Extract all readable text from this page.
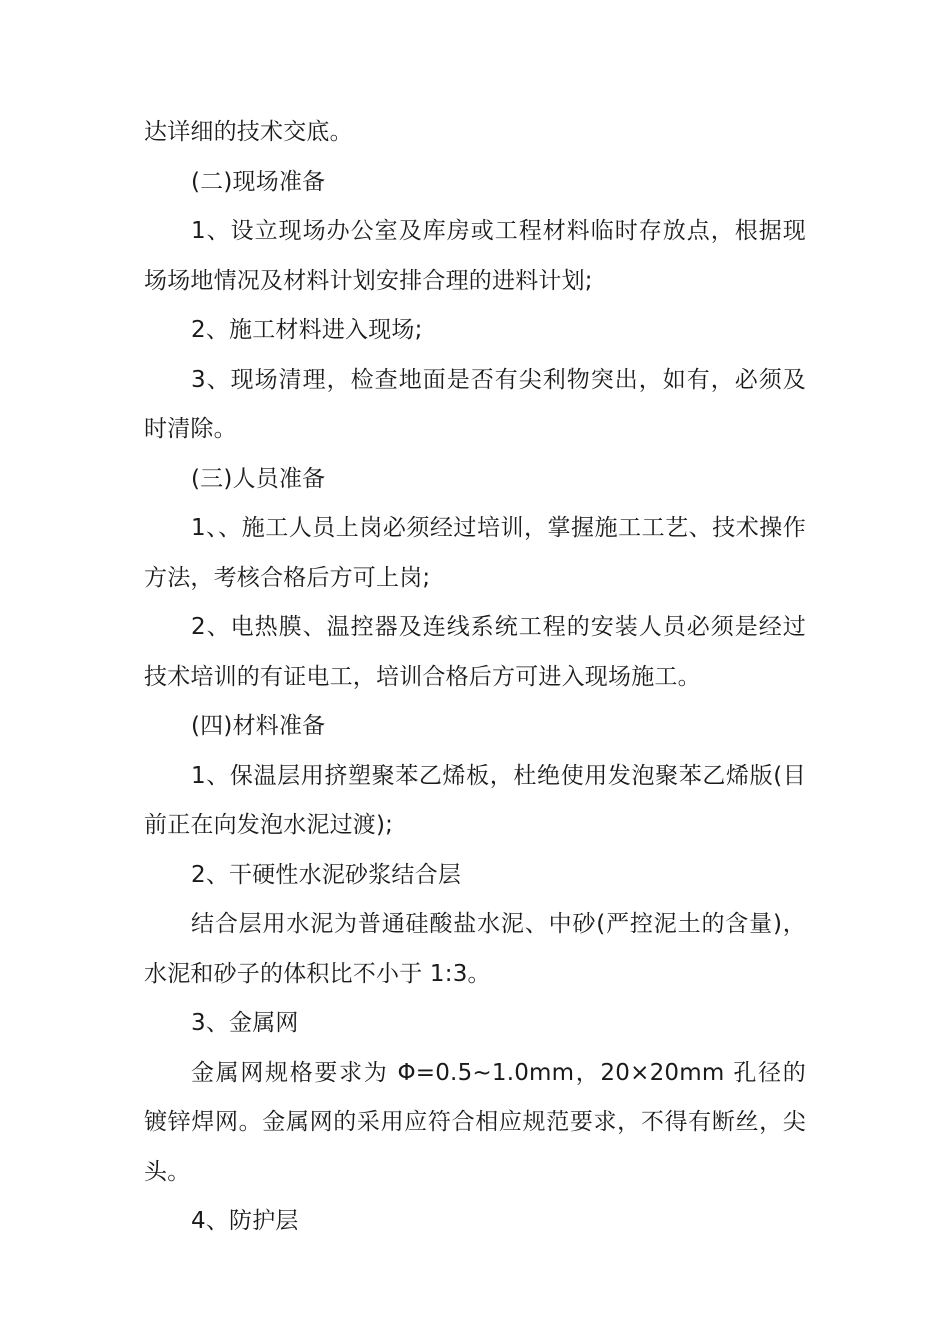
达详细的技术交底。

(二)现场准备

1、设立现场办公室及库房或工程材料临时存放点，根据现场场地情况及材料计划安排合理的进料计划;

2、施工材料进入现场;

3、现场清理，检查地面是否有尖利物突出，如有，必须及时清除。

(三)人员准备

1、、施工人员上岗必须经过培训，掌握施工工艺、技术操作方法，考核合格后方可上岗;

2、电热膜、温控器及连线系统工程的安装人员必须是经过技术培训的有证电工，培训合格后方可进入现场施工。

(四)材料准备

1、保温层用挤塑聚苯乙烯板，杜绝使用发泡聚苯乙烯版(目前正在向发泡水泥过渡);

2、干硬性水泥砂浆结合层

结合层用水泥为普通硅酸盐水泥、中砂(严控泥土的含量)，水泥和砂子的体积比不小于 1:3。

3、金属网

金属网规格要求为 Φ=0.5~1.0mm，20×20mm 孔径的镀锌焊网。金属网的采用应符合相应规范要求，不得有断丝，尖头。

4、防护层
